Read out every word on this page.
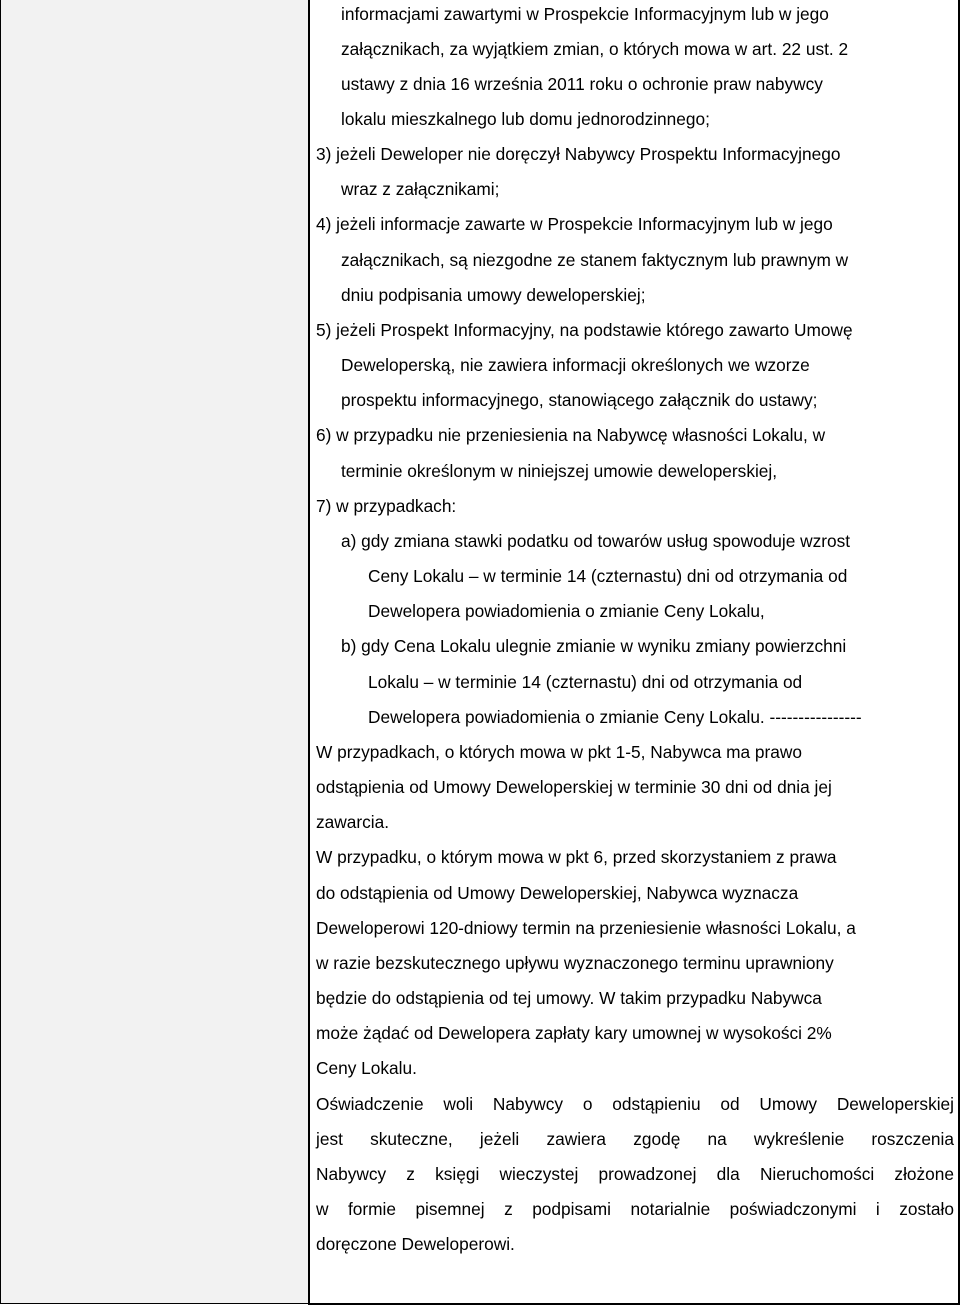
informacjami zawartymi w Prospekcie Informacyjnym lub w jego
załącznikach, za wyjątkiem zmian, o których mowa w art. 22 ust. 2
ustawy z dnia 16 września 2011 roku o ochronie praw nabywcy
lokalu mieszkalnego lub domu jednorodzinnego;
3) jeżeli Deweloper nie doręczył Nabywcy Prospektu Informacyjnego
wraz z załącznikami;
4) jeżeli informacje zawarte w Prospekcie Informacyjnym lub w jego
załącznikach, są niezgodne ze stanem faktycznym lub prawnym w
dniu podpisania umowy deweloperskiej;
5) jeżeli Prospekt Informacyjny, na podstawie którego zawarto Umowę
Deweloperską, nie zawiera informacji określonych we wzorze
prospektu informacyjnego, stanowiącego załącznik do ustawy;
6) w przypadku nie przeniesienia na Nabywcę własności Lokalu, w
terminie określonym w niniejszej umowie deweloperskiej,
7) w przypadkach:
a) gdy zmiana stawki podatku od towarów usług spowoduje wzrost
Ceny Lokalu – w terminie 14 (czternastu) dni od otrzymania od
Dewelopera powiadomienia o zmianie Ceny Lokalu,
b) gdy Cena Lokalu ulegnie zmianie w wyniku zmiany powierzchni
Lokalu – w terminie 14 (czternastu) dni od otrzymania od
Dewelopera powiadomienia o zmianie Ceny Lokalu. ----------------
W przypadkach, o których mowa w pkt 1-5, Nabywca ma prawo
odstąpienia od Umowy Deweloperskiej w terminie 30 dni od dnia jej
zawarcia.
W przypadku, o którym mowa w pkt 6, przed skorzystaniem z prawa
do odstąpienia od Umowy Deweloperskiej, Nabywca wyznacza
Deweloperowi 120-dniowy termin na przeniesienie własności Lokalu, a
w razie bezskutecznego upływu wyznaczonego terminu uprawniony
będzie do odstąpienia od tej umowy. W takim przypadku Nabywca
może żądać od Dewelopera zapłaty kary umownej w wysokości 2%
Ceny Lokalu.
Oświadczenie woli Nabywcy o odstąpieniu od Umowy Deweloperskiej
jest skuteczne, jeżeli zawiera zgodę na wykreślenie roszczenia
Nabywcy z księgi wieczystej prowadzonej dla Nieruchomości złożone
w formie pisemnej z podpisami notarialnie poświadczonymi i zostało
doręczone Deweloperowi.
